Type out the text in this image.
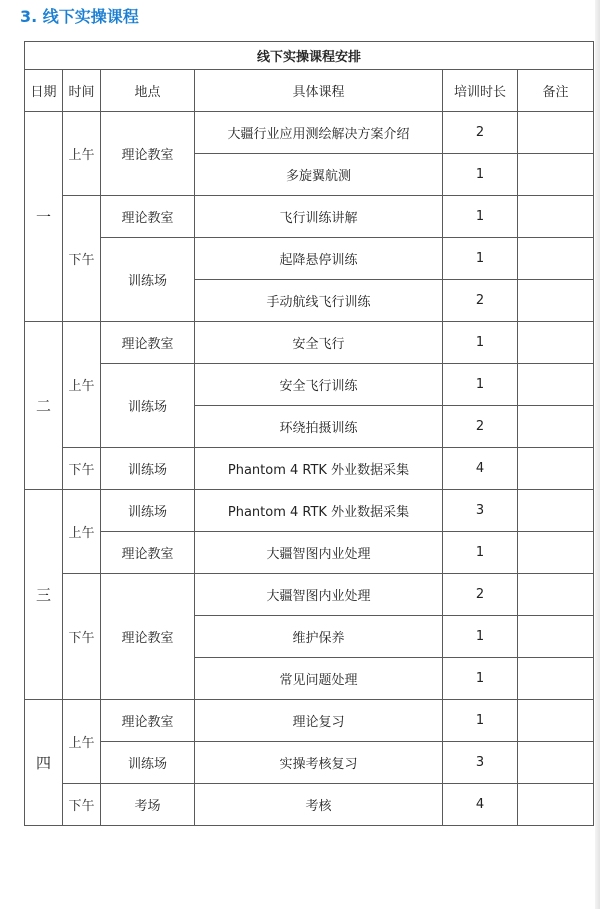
3. 线下实操课程
线下实操课程安排					
日期	时间	地点	具体课程	培训时长	备注
一	上午	理论教室	大疆行业应用测绘解决方案介绍	2	
			多旋翼航测	1	
	下午	理论教室	飞行训练讲解	1	
		训练场	起降悬停训练	1	
			手动航线飞行训练	2	
二	上午	理论教室	安全飞行	1	
		训练场	安全飞行训练	1	
			环绕拍摄训练	2	
	下午	训练场	Phantom 4 RTK 外业数据采集	4	
三	上午	训练场	Phantom 4 RTK 外业数据采集	3	
		理论教室	大疆智图内业处理	1	
	下午	理论教室	大疆智图内业处理	2	
			维护保养	1	
			常见问题处理	1	
四	上午	理论教室	理论复习	1	
		训练场	实操考核复习	3	
	下午	考场	考核	4	
